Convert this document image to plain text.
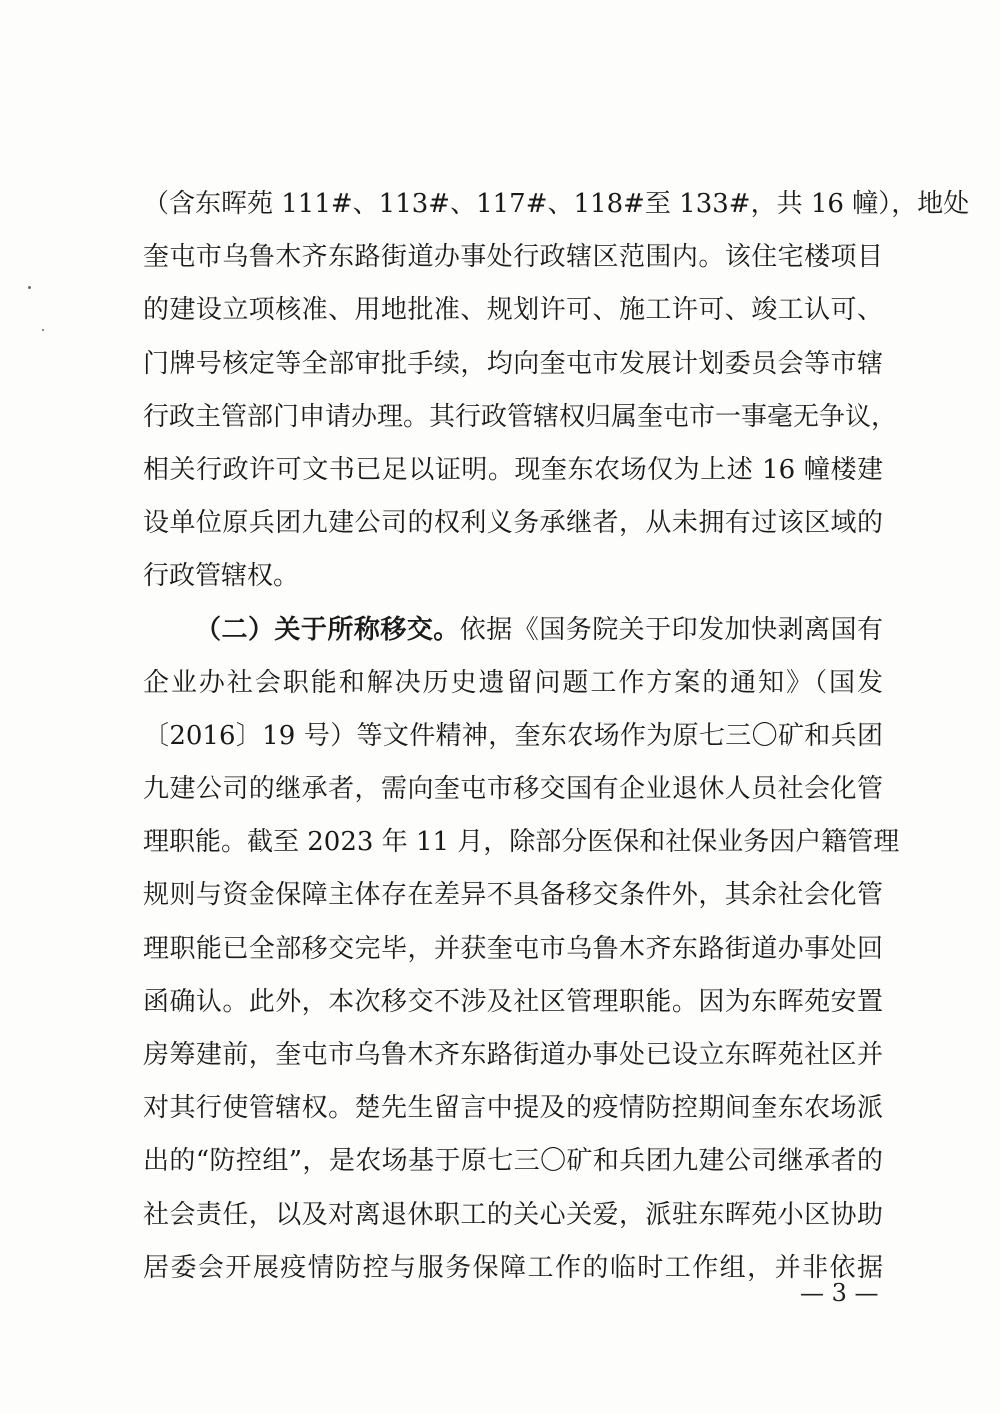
（含东晖苑 111#、113#、117#、118#至 133#，共 16 幢），地处
奎屯市乌鲁木齐东路街道办事处行政辖区范围内。该住宅楼项目
的建设立项核准、用地批准、规划许可、施工许可、竣工认可、
门牌号核定等全部审批手续，均向奎屯市发展计划委员会等市辖
行政主管部门申请办理。其行政管辖权归属奎屯市一事毫无争议，
相关行政许可文书已足以证明。现奎东农场仅为上述 16 幢楼建
设单位原兵团九建公司的权利义务承继者，从未拥有过该区域的
行政管辖权。
（二）关于所称移交。依据《国务院关于印发加快剥离国有
企业办社会职能和解决历史遗留问题工作方案的通知》（国发
〔2016〕19 号）等文件精神，奎东农场作为原七三〇矿和兵团
九建公司的继承者，需向奎屯市移交国有企业退休人员社会化管
理职能。截至 2023 年 11 月，除部分医保和社保业务因户籍管理
规则与资金保障主体存在差异不具备移交条件外，其余社会化管
理职能已全部移交完毕，并获奎屯市乌鲁木齐东路街道办事处回
函确认。此外，本次移交不涉及社区管理职能。因为东晖苑安置
房筹建前，奎屯市乌鲁木齐东路街道办事处已设立东晖苑社区并
对其行使管辖权。楚先生留言中提及的疫情防控期间奎东农场派
出的“防控组”，是农场基于原七三〇矿和兵团九建公司继承者的
社会责任，以及对离退休职工的关心关爱，派驻东晖苑小区协助
居委会开展疫情防控与服务保障工作的临时工作组，并非依据
— 3 —
